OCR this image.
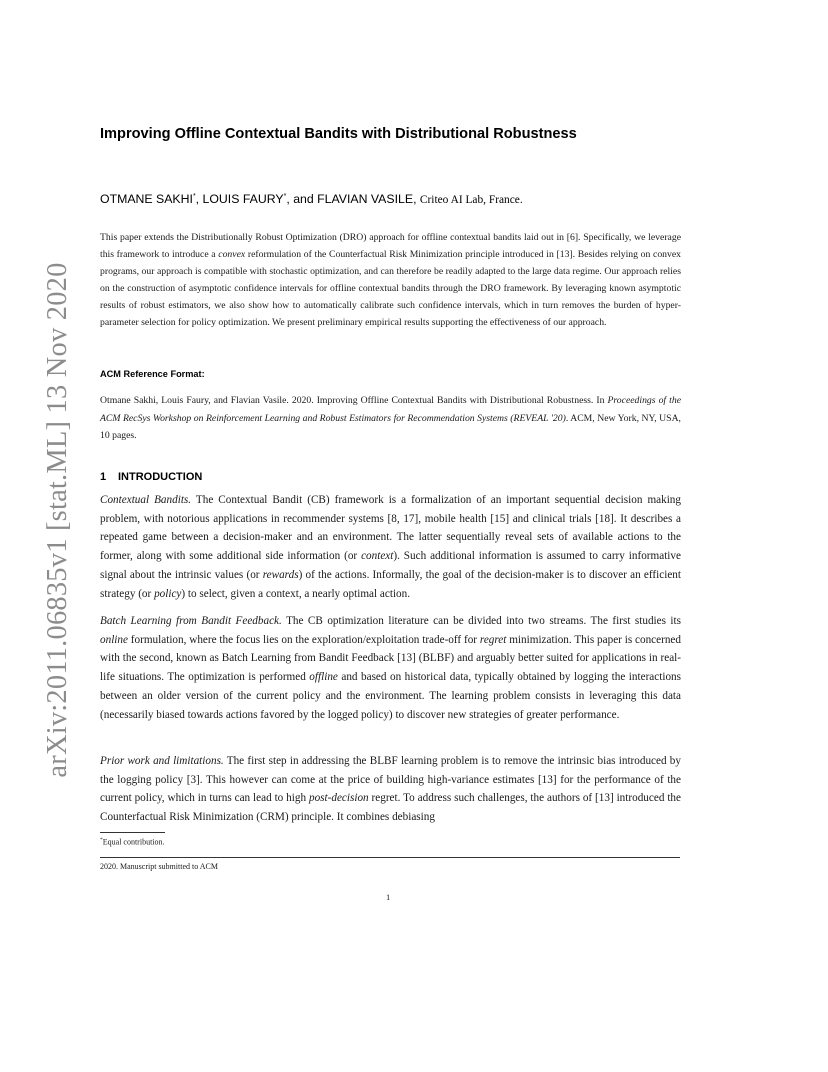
arXiv:2011.06835v1 [stat.ML] 13 Nov 2020
Improving Offline Contextual Bandits with Distributional Robustness
OTMANE SAKHI*, LOUIS FAURY*, and FLAVIAN VASILE, Criteo AI Lab, France.
This paper extends the Distributionally Robust Optimization (DRO) approach for offline contextual bandits laid out in [6]. Specifically, we leverage this framework to introduce a convex reformulation of the Counterfactual Risk Minimization principle introduced in [13]. Besides relying on convex programs, our approach is compatible with stochastic optimization, and can therefore be readily adapted to the large data regime. Our approach relies on the construction of asymptotic confidence intervals for offline contextual bandits through the DRO framework. By leveraging known asymptotic results of robust estimators, we also show how to automatically calibrate such confidence intervals, which in turn removes the burden of hyper-parameter selection for policy optimization. We present preliminary empirical results supporting the effectiveness of our approach.
ACM Reference Format:
Otmane Sakhi, Louis Faury, and Flavian Vasile. 2020. Improving Offline Contextual Bandits with Distributional Robustness. In Proceedings of the ACM RecSys Workshop on Reinforcement Learning and Robust Estimators for Recommendation Systems (REVEAL '20). ACM, New York, NY, USA, 10 pages.
1 INTRODUCTION

Contextual Bandits. The Contextual Bandit (CB) framework is a formalization of an important sequential decision making problem, with notorious applications in recommender systems [8, 17], mobile health [15] and clinical trials [18]. It describes a repeated game between a decision-maker and an environment. The latter sequentially reveal sets of available actions to the former, along with some additional side information (or context). Such additional information is assumed to carry informative signal about the intrinsic values (or rewards) of the actions. Informally, the goal of the decision-maker is to discover an efficient strategy (or policy) to select, given a context, a nearly optimal action.

Batch Learning from Bandit Feedback. The CB optimization literature can be divided into two streams. The first studies its online formulation, where the focus lies on the exploration/exploitation trade-off for regret minimization. This paper is concerned with the second, known as Batch Learning from Bandit Feedback [13] (BLBF) and arguably better suited for applications in real-life situations. The optimization is performed offline and based on historical data, typically obtained by logging the interactions between an older version of the current policy and the environment. The learning problem consists in leveraging this data (necessarily biased towards actions favored by the logged policy) to discover new strategies of greater performance.

Prior work and limitations. The first step in addressing the BLBF learning problem is to remove the intrinsic bias introduced by the logging policy [3]. This however can come at the price of building high-variance estimates [13] for the performance of the current policy, which in turns can lead to high post-decision regret. To address such challenges, the authors of [13] introduced the Counterfactual Risk Minimization (CRM) principle. It combines debiasing

*Equal contribution.
2020. Manuscript submitted to ACM
1
